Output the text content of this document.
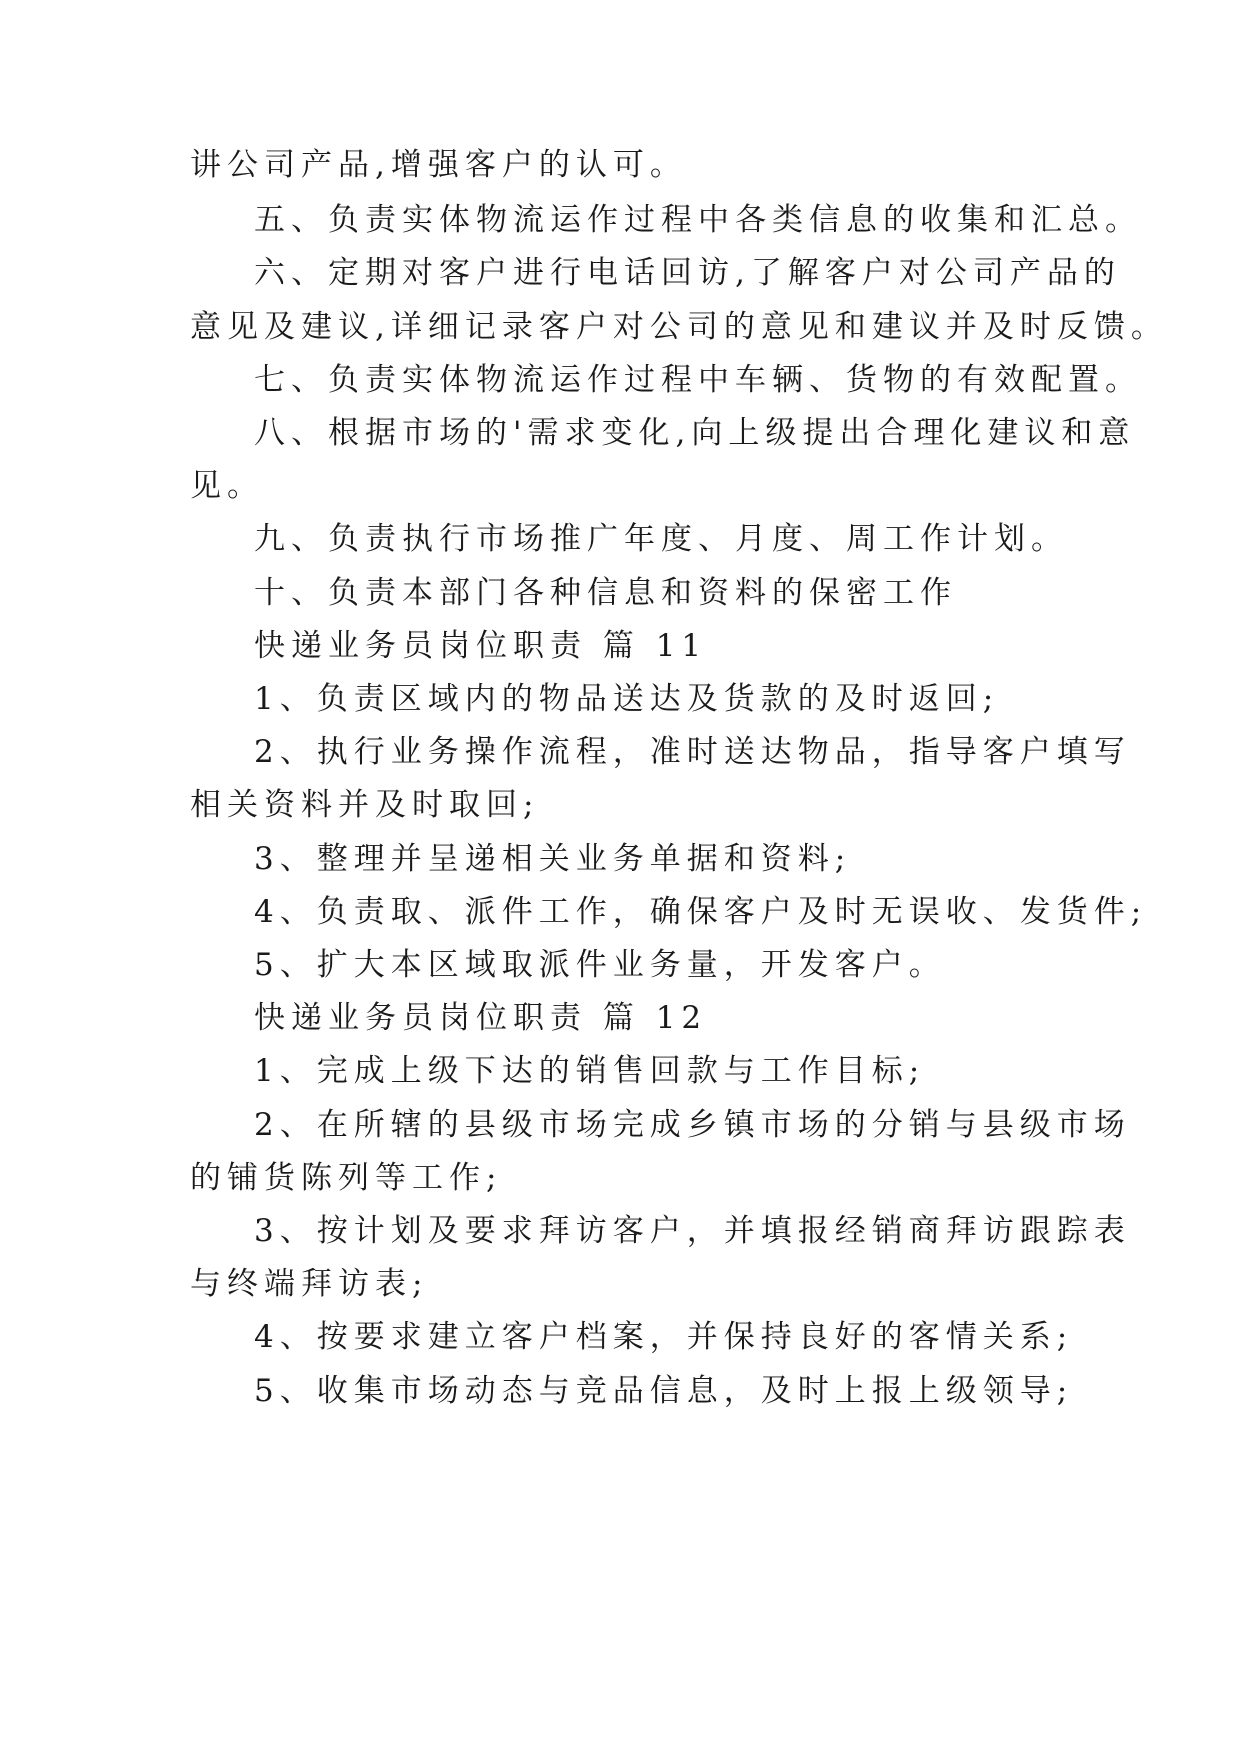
讲公司产品,增强客户的认可。
五、负责实体物流运作过程中各类信息的收集和汇总。
六、定期对客户进行电话回访,了解客户对公司产品的
意见及建议,详细记录客户对公司的意见和建议并及时反馈。
七、负责实体物流运作过程中车辆、货物的有效配置。
八、根据市场的'需求变化,向上级提出合理化建议和意
见。
九、负责执行市场推广年度、月度、周工作计划。
十、负责本部门各种信息和资料的保密工作
快递业务员岗位职责 篇 11
1、负责区域内的物品送达及货款的及时返回;
2、执行业务操作流程，准时送达物品，指导客户填写
相关资料并及时取回;
3、整理并呈递相关业务单据和资料;
4、负责取、派件工作，确保客户及时无误收、发货件;
5、扩大本区域取派件业务量，开发客户。
快递业务员岗位职责 篇 12
1、完成上级下达的销售回款与工作目标;
2、在所辖的县级市场完成乡镇市场的分销与县级市场
的铺货陈列等工作;
3、按计划及要求拜访客户，并填报经销商拜访跟踪表
与终端拜访表;
4、按要求建立客户档案，并保持良好的客情关系;
5、收集市场动态与竞品信息，及时上报上级领导;
